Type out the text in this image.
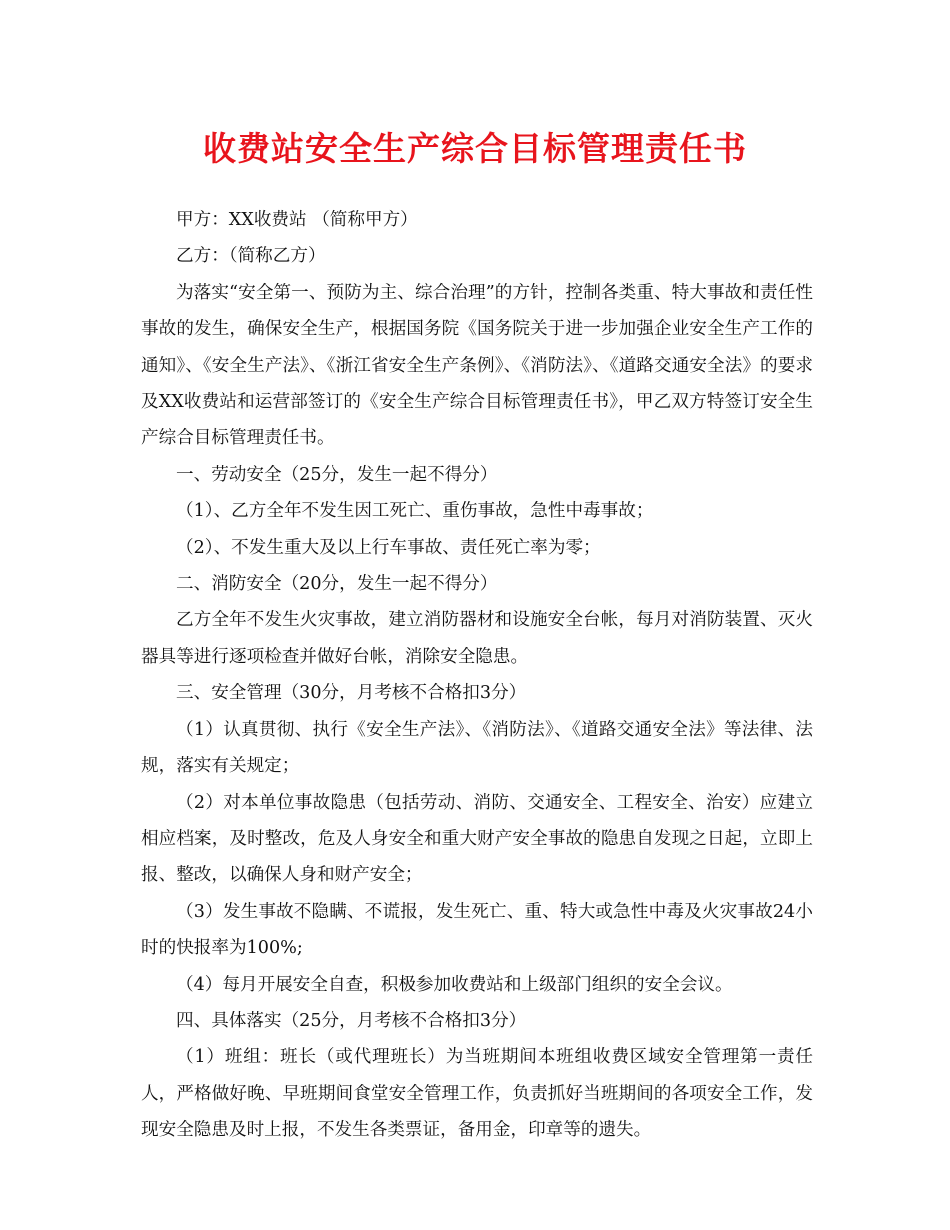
收费站安全生产综合目标管理责任书

甲方：XX收费站 （简称甲方）

乙方：（简称乙方）

为落实“安全第一、预防为主、综合治理”的方针，控制各类重、特大事故和责任性事故的发生，确保安全生产，根据国务院《国务院关于进一步加强企业安全生产工作的通知》、《安全生产法》、《浙江省安全生产条例》、《消防法》、《道路交通安全法》的要求及XX收费站和运营部签订的《安全生产综合目标管理责任书》，甲乙双方特签订安全生产综合目标管理责任书。

一、劳动安全（25分，发生一起不得分）

（1）、乙方全年不发生因工死亡、重伤事故，急性中毒事故；

（2）、不发生重大及以上行车事故、责任死亡率为零；

二、消防安全（20分，发生一起不得分）

乙方全年不发生火灾事故，建立消防器材和设施安全台帐，每月对消防装置、灭火器具等进行逐项检查并做好台帐，消除安全隐患。

三、安全管理（30分，月考核不合格扣3分）

（1）认真贯彻、执行《安全生产法》、《消防法》、《道路交通安全法》等法律、法规，落实有关规定；

（2）对本单位事故隐患（包括劳动、消防、交通安全、工程安全、治安）应建立相应档案，及时整改，危及人身安全和重大财产安全事故的隐患自发现之日起，立即上报、整改，以确保人身和财产安全；

（3）发生事故不隐瞒、不谎报，发生死亡、重、特大或急性中毒及火灾事故24小时的快报率为100%;

（4）每月开展安全自查，积极参加收费站和上级部门组织的安全会议。

四、具体落实（25分，月考核不合格扣3分）

（1）班组：班长（或代理班长）为当班期间本班组收费区域安全管理第一责任人，严格做好晚、早班期间食堂安全管理工作，负责抓好当班期间的各项安全工作，发现安全隐患及时上报，不发生各类票证，备用金，印章等的遗失。
